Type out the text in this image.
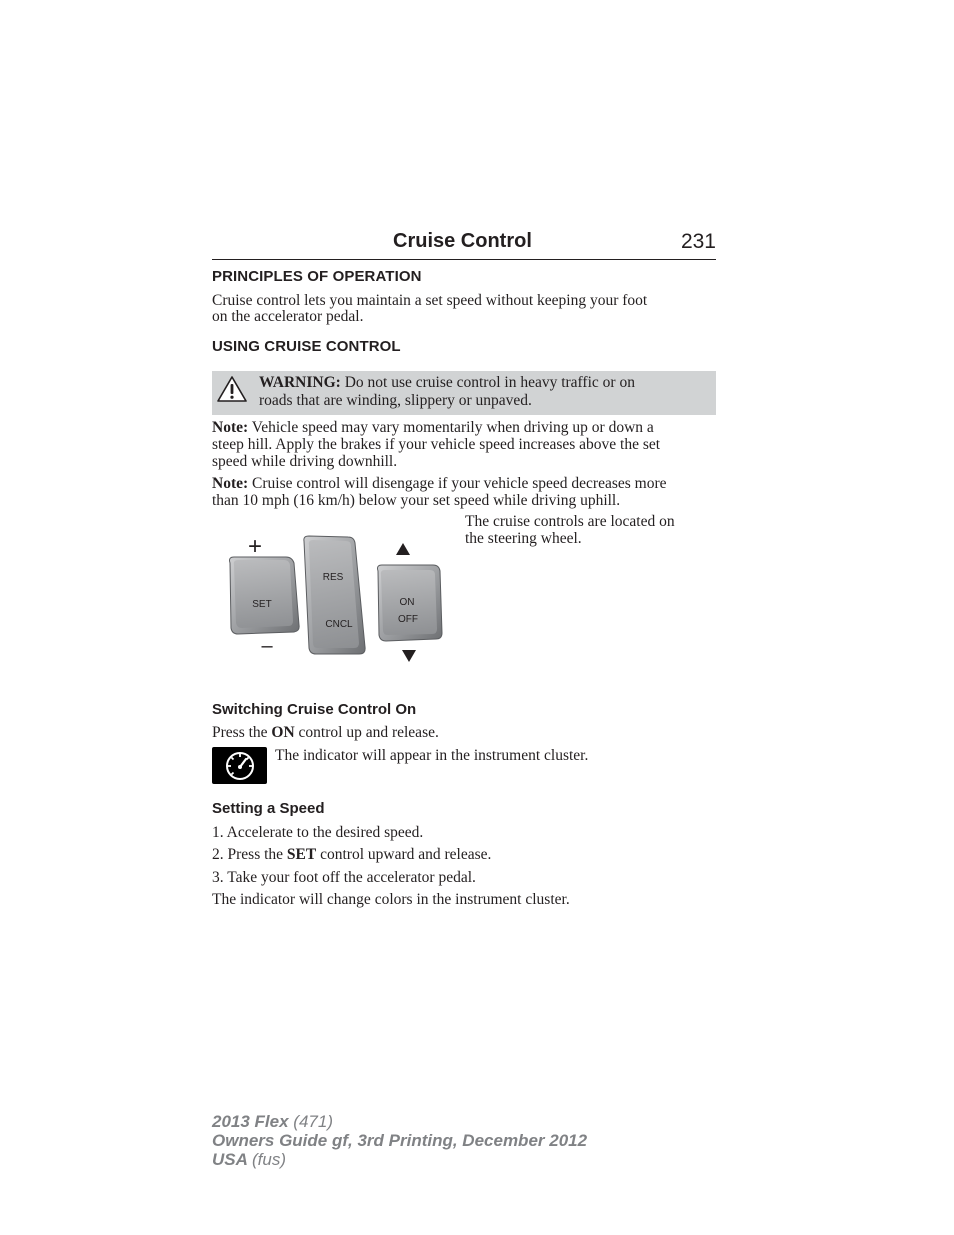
Cruise Control	231
PRINCIPLES OF OPERATION
Cruise control lets you maintain a set speed without keeping your foot
on the accelerator pedal.
USING CRUISE CONTROL
WARNING: Do not use cruise control in heavy traffic or on
roads that are winding, slippery or unpaved.
Note: Vehicle speed may vary momentarily when driving up or down a
steep hill. Apply the brakes if your vehicle speed increases above the set
speed while driving downhill.
Note: Cruise control will disengage if your vehicle speed decreases more
than 10 mph (16 km/h) below your set speed while driving uphill.
SET
+
–
RES
CNCL
ON
OFF
The cruise controls are located on
the steering wheel.
Switching Cruise Control On
Press the ON control up and release.
The indicator will appear in the instrument cluster.
Setting a Speed
1. Accelerate to the desired speed.
2. Press the SET control upward and release.
3. Take your foot off the accelerator pedal.
The indicator will change colors in the instrument cluster.
2013 Flex (471)
Owners Guide gf, 3rd Printing, December 2012
USA (fus)
